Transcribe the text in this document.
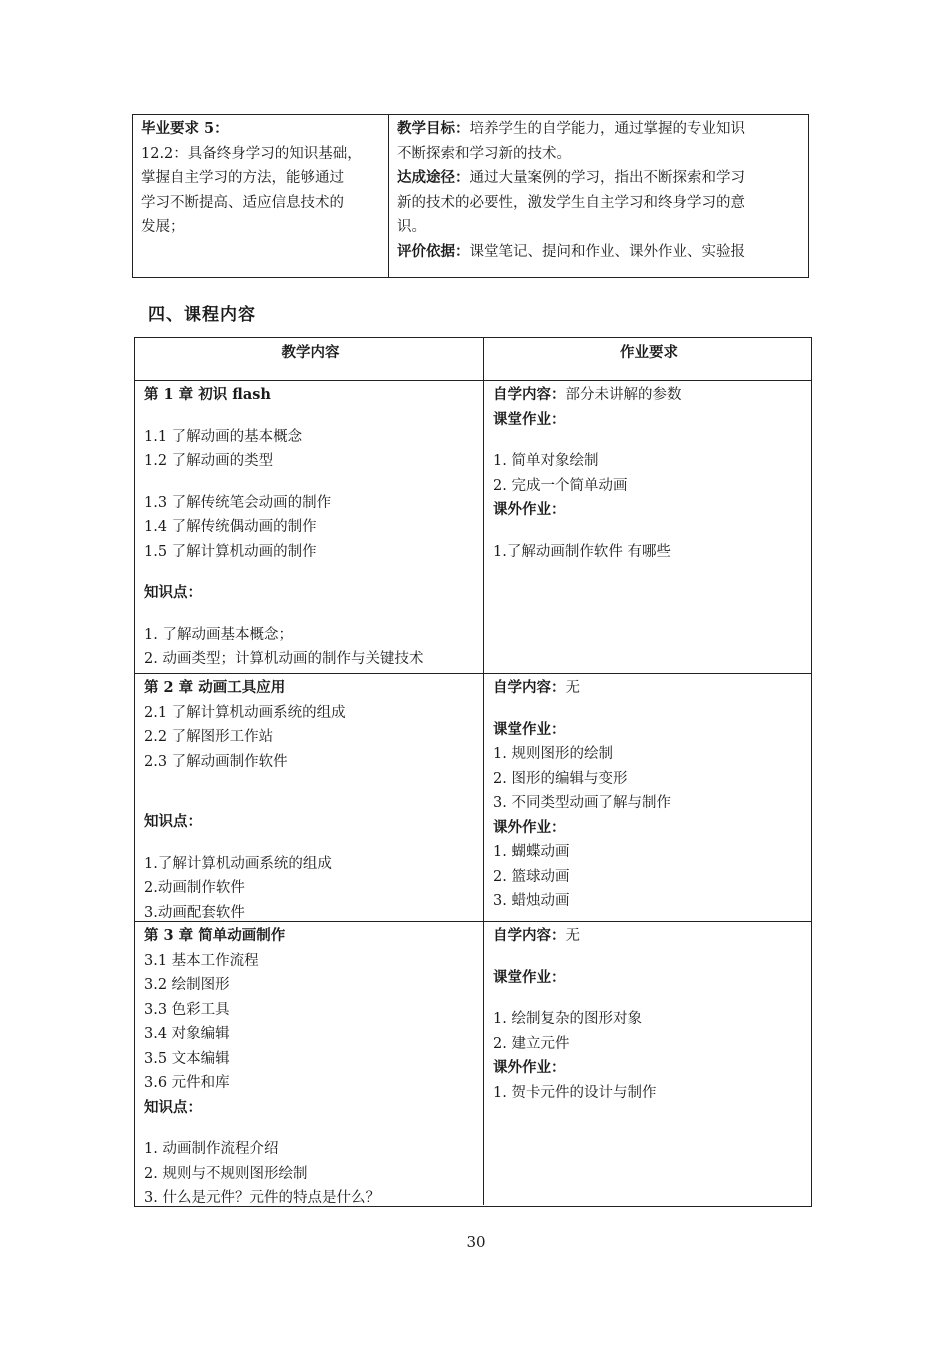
毕业要求 5：
12.2：具备终身学习的知识基础，
掌握自主学习的方法，能够通过
学习不断提高、适应信息技术的
发展；
教学目标：培养学生的自学能力，通过掌握的专业知识
不断探索和学习新的技术。
达成途径：通过大量案例的学习，指出不断探索和学习
新的技术的必要性，激发学生自主学习和终身学习的意
识。
评价依据：课堂笔记、提问和作业、课外作业、实验报
四、课程内容
教学内容	作业要求
第 1 章 初识 flash
1.1 了解动画的基本概念
1.2 了解动画的类型
1.3 了解传统笔会动画的制作
1.4 了解传统偶动画的制作
1.5 了解计算机动画的制作
知识点：
1. 了解动画基本概念；
2. 动画类型；计算机动画的制作与关键技术
自学内容：部分未讲解的参数
课堂作业：
1. 简单对象绘制
2. 完成一个简单动画
课外作业：
1.了解动画制作软件 有哪些
第 2 章 动画工具应用
2.1 了解计算机动画系统的组成
2.2 了解图形工作站
2.3 了解动画制作软件
知识点：
1.了解计算机动画系统的组成
2.动画制作软件
3.动画配套软件
自学内容：无
课堂作业：
1. 规则图形的绘制
2. 图形的编辑与变形
3. 不同类型动画了解与制作
课外作业：
1. 蝴蝶动画
2. 篮球动画
3. 蜡烛动画
第 3 章 简单动画制作
3.1 基本工作流程
3.2 绘制图形
3.3 色彩工具
3.4 对象编辑
3.5 文本编辑
3.6 元件和库
知识点：
1. 动画制作流程介绍
2. 规则与不规则图形绘制
3. 什么是元件？元件的特点是什么？
自学内容：无
课堂作业：
1. 绘制复杂的图形对象
2. 建立元件
课外作业：
1. 贺卡元件的设计与制作
30
